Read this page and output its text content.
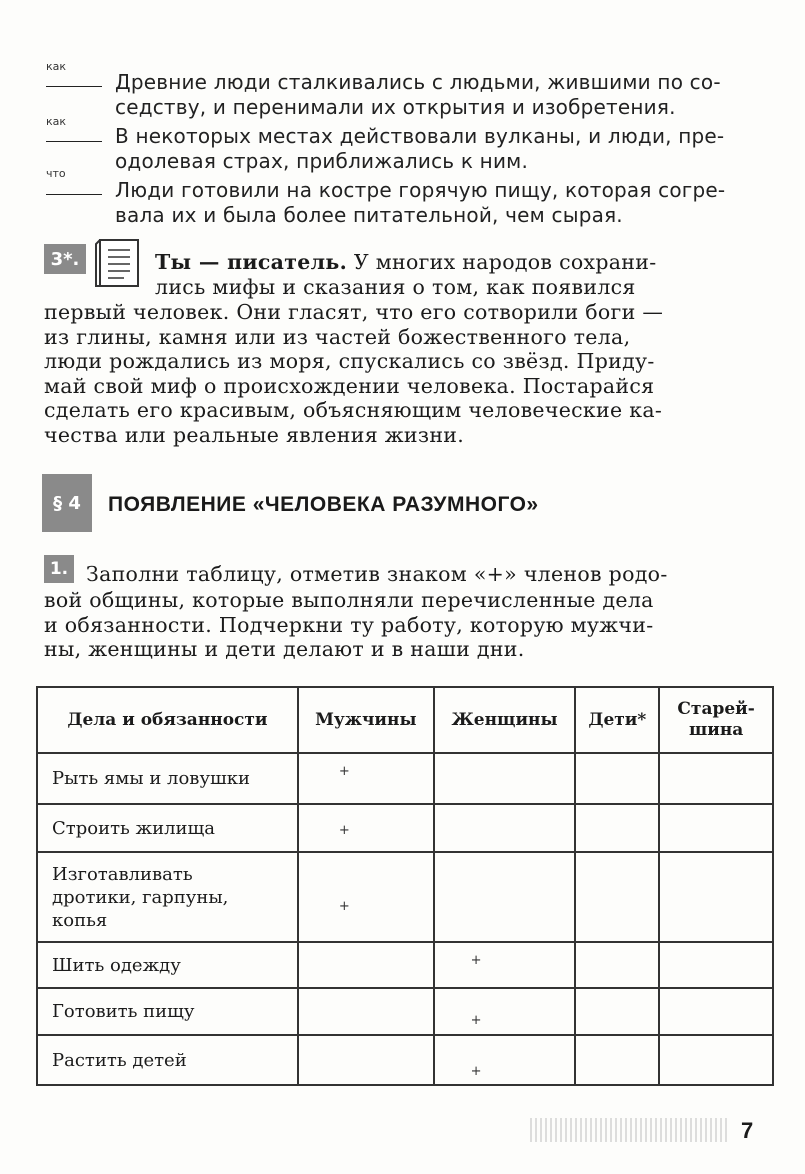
как
Древние люди сталкивались с людьми, жившими по со-
седству, и перенимали их открытия и изобретения.
как
В некоторых местах действовали вулканы, и люди, пре-
одолевая страх, приближались к ним.
что
Люди готовили на костре горячую пищу, которая согре-
вала их и была более питательной, чем сырая.
3*.	Ты — писатель. У многих народов сохрани-
лись мифы и сказания о том, как появился
первый человек. Они гласят, что его сотворили боги —
из глины, камня или из частей божественного тела,
люди рождались из моря, спускались со звёзд. Приду-
май свой миф о происхождении человека. Постарайся
сделать его красивым, объясняющим человеческие ка-
чества или реальные явления жизни.
§ 4	ПОЯВЛЕНИЕ «ЧЕЛОВЕКА РАЗУМНОГО»
1. Заполни таблицу, отметив знаком «+» членов родо-
вой общины, которые выполняли перечисленные дела
и обязанности. Подчеркни ту работу, которую мужчи-
ны, женщины и дети делают и в наши дни.
Дела и обязанности	Мужчины	Женщины	Дети*	Старей-
шина

Рыть ямы и ловушки	+			
Строить жилища	+			

Изготавливать
дротики, гарпуны,
копья	+			
Шить одежду		+		
Готовить пищу		+		
Растить детей		+		
7
